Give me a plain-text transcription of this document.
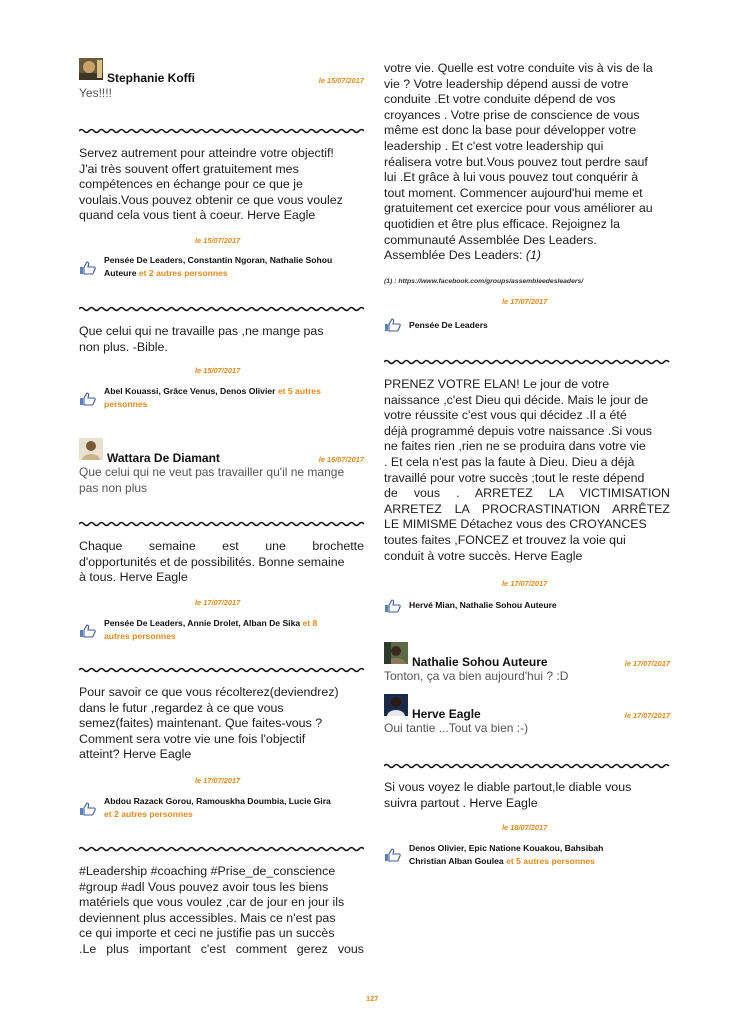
Stephanie Koffi	le 15/07/2017
Yes!!!!
Servez autrement pour atteindre votre objectif!
J'ai très souvent offert gratuitement mes
compétences en échange pour ce que je
voulais.Vous pouvez obtenir ce que vous voulez
quand cela vous tient à coeur. Herve Eagle
le 15/07/2017
Pensée De Leaders, Constantin Ngoran, Nathalie Sohou
Auteure et 2 autres personnes
Que celui qui ne travaille pas ,ne mange pas
non plus. -Bible.
le 15/07/2017
Abel Kouassi, Grâce Venus, Denos Olivier et 5 autres
personnes
Wattara De Diamant	le 16/07/2017
Que celui qui ne veut pas travailler qu'il ne mange
pas non plus
Chaque semaine est une brochette
d'opportunités et de possibilités. Bonne semaine
à tous. Herve Eagle
le 17/07/2017
Pensée De Leaders, Annie Drolet, Alban De Sika et 8
autres personnes
Pour savoir ce que vous récolterez(deviendrez)
dans le futur ,regardez à ce que vous
semez(faites) maintenant. Que faites-vous ?
Comment sera votre vie une fois l'objectif
atteint? Herve Eagle
le 17/07/2017
Abdou Razack Gorou, Ramouskha Doumbia, Lucie Gira
et 2 autres personnes
#Leadership #coaching #Prise_de_conscience
#group #adl Vous pouvez avoir tous les biens
matériels que vous voulez ,car de jour en jour ils
deviennent plus accessibles. Mais ce n'est pas
ce qui importe et ceci ne justifie pas un succès
.Le plus important c'est comment gerez vous
votre vie. Quelle est votre conduite vis à vis de la
vie ? Votre leadership dépend aussi de votre
conduite .Et votre conduite dépend de vos
croyances . Votre prise de conscience de vous
même est donc la base pour développer votre
leadership . Et c'est votre leadership qui
réalisera votre but.Vous pouvez tout perdre sauf
lui .Et grâce à lui vous pouvez tout conquérir à
tout moment. Commencer aujourd'hui meme et
gratuitement cet exercice pour vous améliorer au
quotidien et être plus efficace. Rejoignez la
communauté Assemblée Des Leaders.
Assemblée Des Leaders: (1)
(1) : https://www.facebook.com/groups/assembleedesleaders/
le 17/07/2017
Pensée De Leaders
PRENEZ VOTRE ELAN! Le jour de votre
naissance ,c'est Dieu qui décide. Mais le jour de
votre réussite c'est vous qui décidez .Il a été
déjà programmé depuis votre naissance .Si vous
ne faites rien ,rien ne se produira dans votre vie
. Et cela n'est pas la faute à Dieu. Dieu a déjà
travaillé pour votre succès ;tout le reste dépend
de vous . ARRETEZ LA VICTIMISATION
ARRETEZ LA PROCRASTINATION ARRÊTEZ
LE MIMISME Détachez vous des CROYANCES
toutes faites ,FONCEZ et trouvez la voie qui
conduit à votre succès. Herve Eagle
le 17/07/2017
Hervé Mian, Nathalie Sohou Auteure
Nathalie Sohou Auteure	le 17/07/2017
Tonton, ça va bien aujourd'hui ? :D
Herve Eagle	le 17/07/2017
Oui tantie ...Tout va bien :-)
Si vous voyez le diable partout,le diable vous
suivra partout . Herve Eagle
le 18/07/2017
Denos Olivier, Epic Natione Kouakou, Bahsibah
Christian Alban Goulea et 5 autres personnes
127
